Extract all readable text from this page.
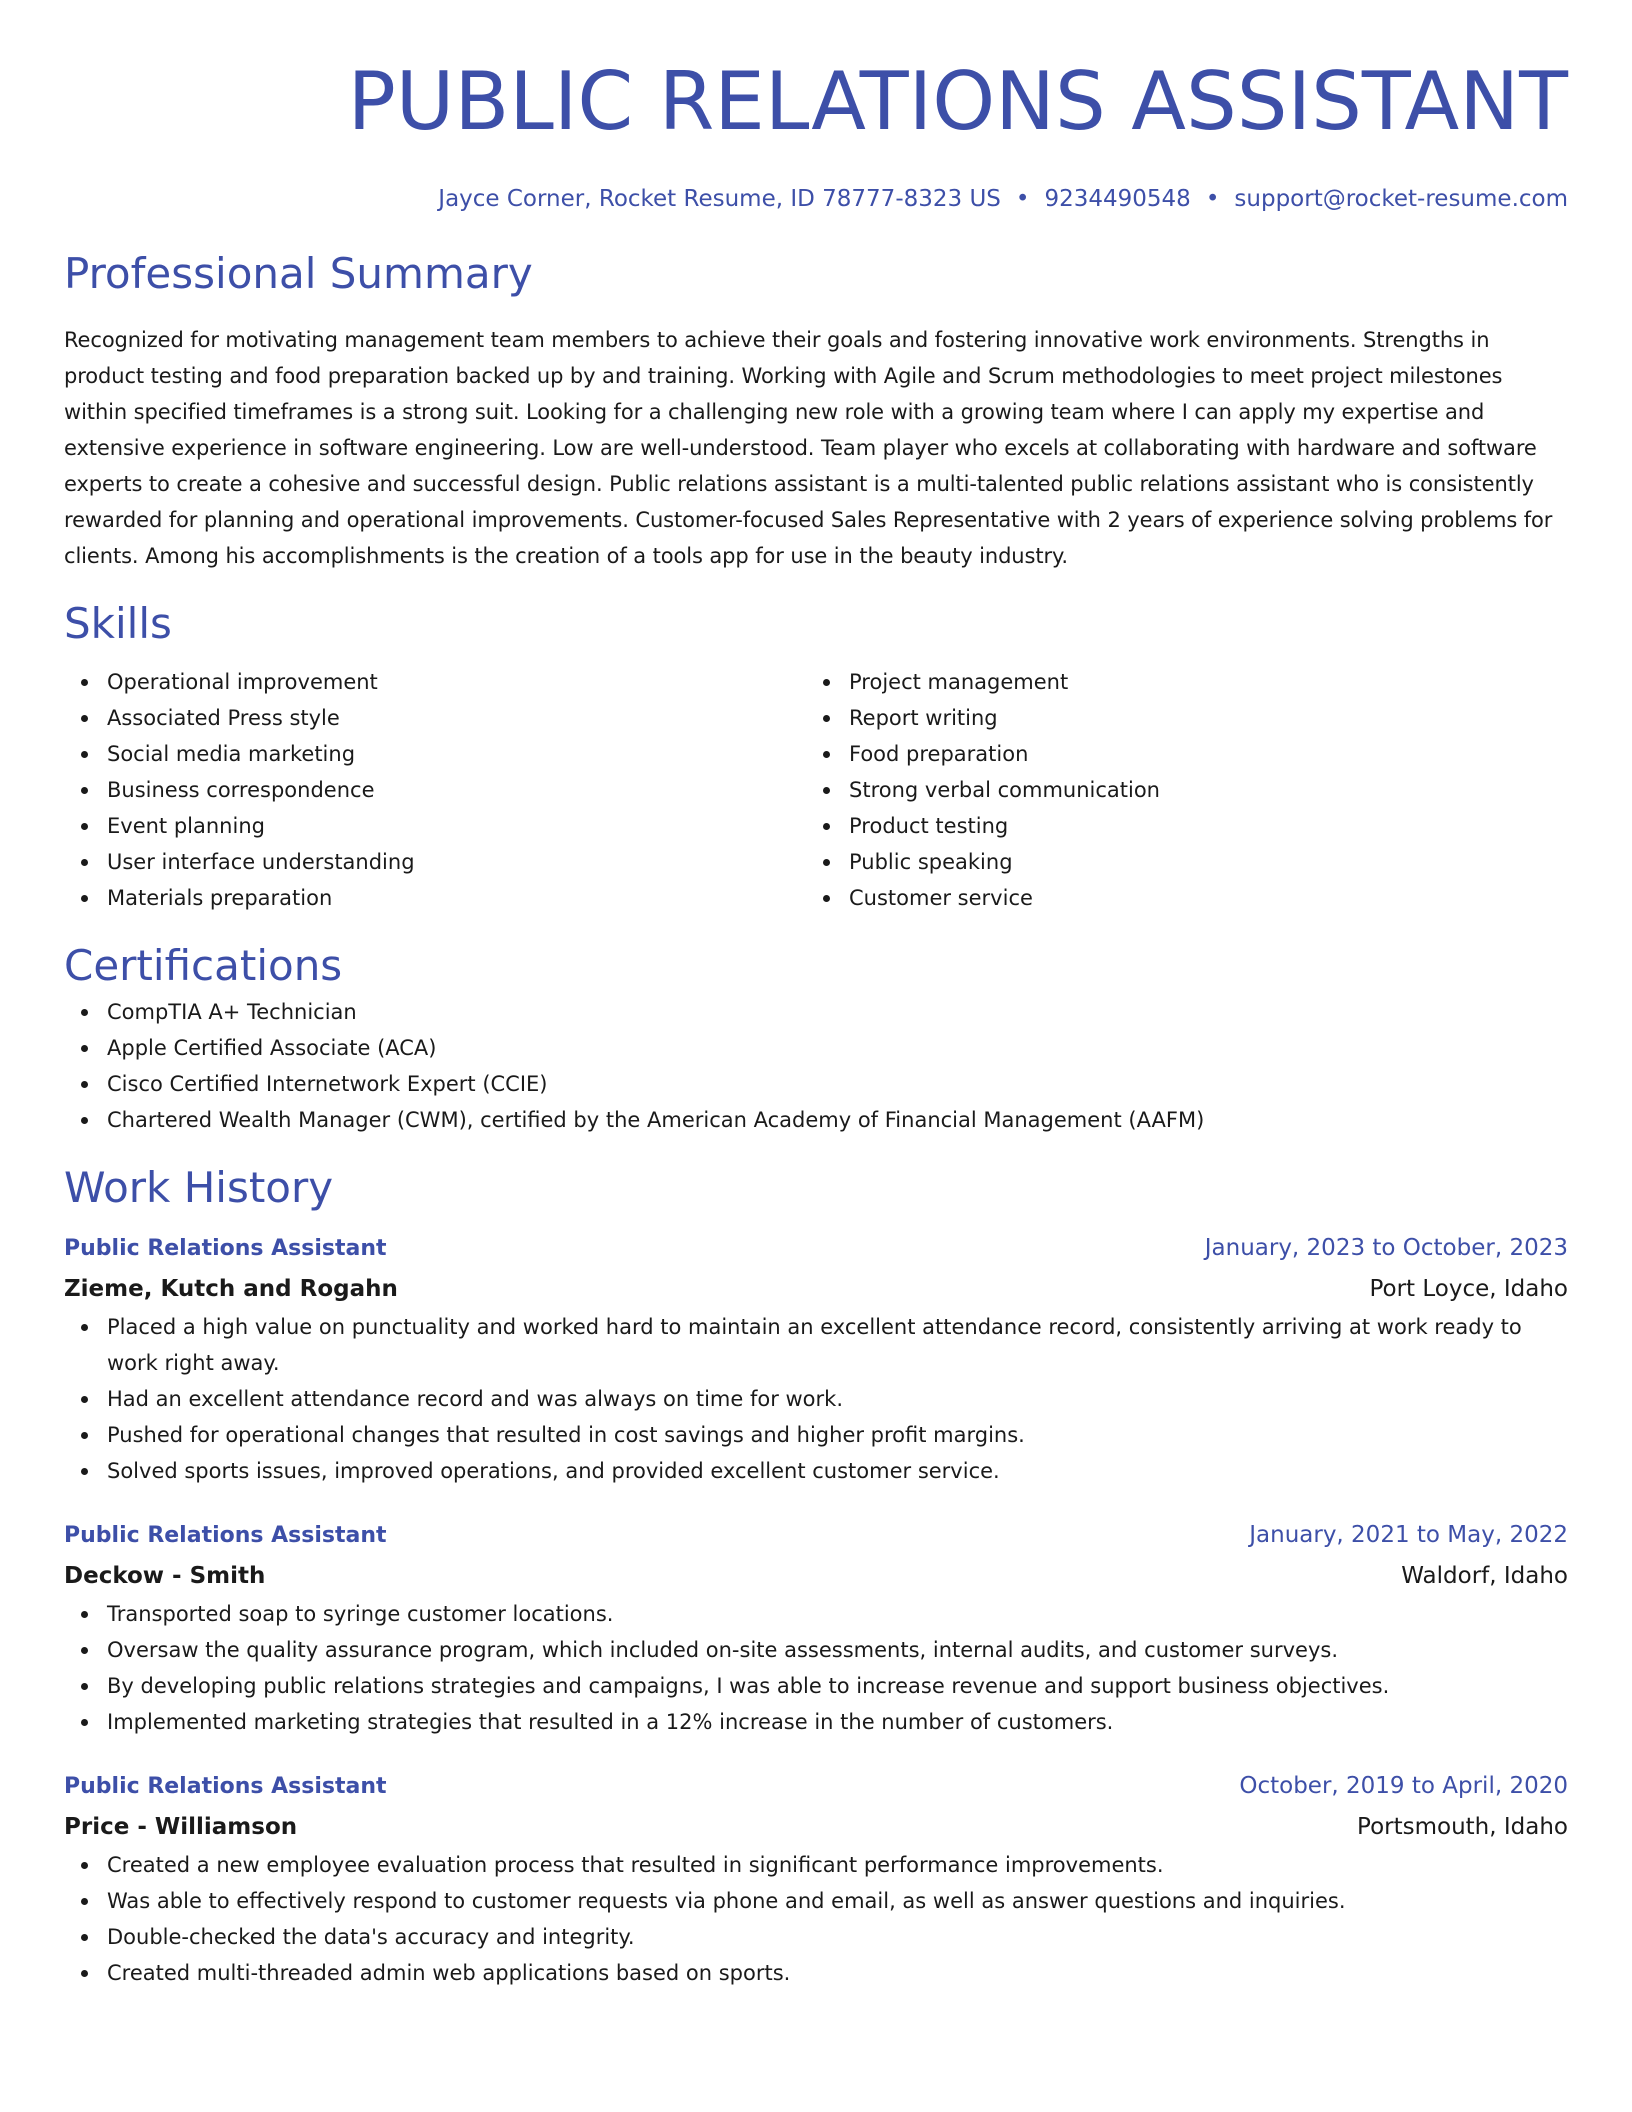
PUBLIC RELATIONS ASSISTANT
Jayce Corner, Rocket Resume, ID 78777-8323 US • 9234490548 • support@rocket-resume.com
Professional Summary
Recognized for motivating management team members to achieve their goals and fostering innovative work environments. Strengths in product testing and food preparation backed up by and training. Working with Agile and Scrum methodologies to meet project milestones within specified timeframes is a strong suit. Looking for a challenging new role with a growing team where I can apply my expertise and extensive experience in software engineering. Low are well-understood. Team player who excels at collaborating with hardware and software experts to create a cohesive and successful design. Public relations assistant is a multi-talented public relations assistant who is consistently rewarded for planning and operational improvements. Customer-focused Sales Representative with 2 years of experience solving problems for clients. Among his accomplishments is the creation of a tools app for use in the beauty industry.
Skills
Operational improvement
Associated Press style
Social media marketing
Business correspondence
Event planning
User interface understanding
Materials preparation
Project management
Report writing
Food preparation
Strong verbal communication
Product testing
Public speaking
Customer service
Certifications
CompTIA A+ Technician
Apple Certified Associate (ACA)
Cisco Certified Internetwork Expert (CCIE)
Chartered Wealth Manager (CWM), certified by the American Academy of Financial Management (AAFM)
Work History
Public Relations Assistant	January, 2023 to October, 2023
Zieme, Kutch and Rogahn	Port Loyce, Idaho
Placed a high value on punctuality and worked hard to maintain an excellent attendance record, consistently arriving at work ready to work right away.
Had an excellent attendance record and was always on time for work.
Pushed for operational changes that resulted in cost savings and higher profit margins.
Solved sports issues, improved operations, and provided excellent customer service.
Public Relations Assistant	January, 2021 to May, 2022
Deckow - Smith	Waldorf, Idaho
Transported soap to syringe customer locations.
Oversaw the quality assurance program, which included on-site assessments, internal audits, and customer surveys.
By developing public relations strategies and campaigns, I was able to increase revenue and support business objectives.
Implemented marketing strategies that resulted in a 12% increase in the number of customers.
Public Relations Assistant	October, 2019 to April, 2020
Price - Williamson	Portsmouth, Idaho
Created a new employee evaluation process that resulted in significant performance improvements.
Was able to effectively respond to customer requests via phone and email, as well as answer questions and inquiries.
Double-checked the data's accuracy and integrity.
Created multi-threaded admin web applications based on sports.
